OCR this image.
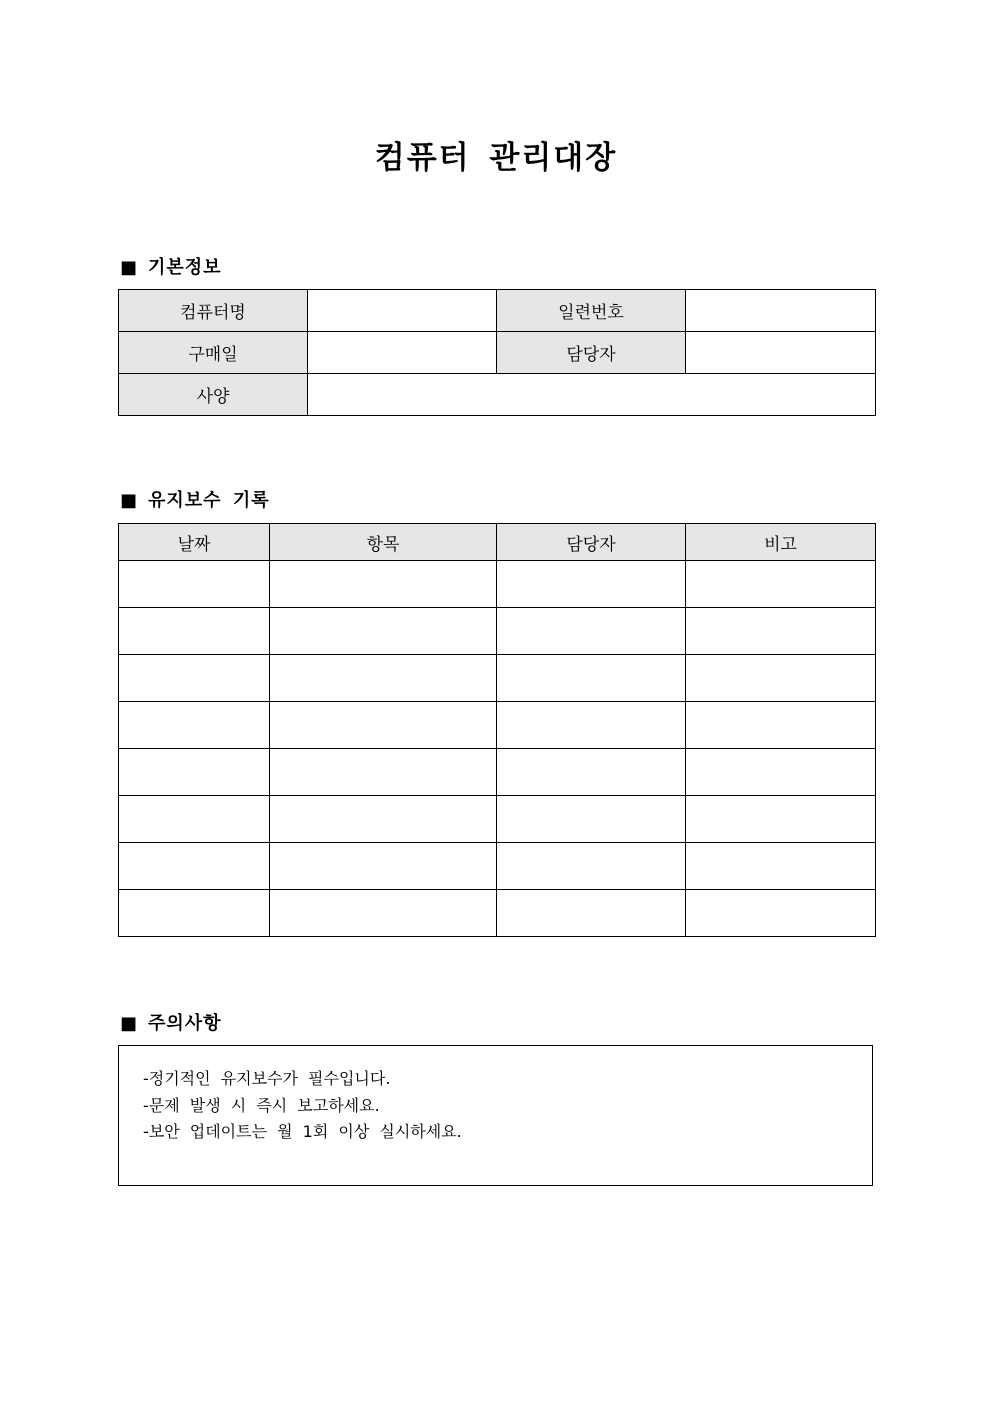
컴퓨터 관리대장
■ 기본정보
컴퓨터명		일련번호	
구매일		담당자	
사양			
■ 유지보수 기록
날짜	항목	담당자	비고

■ 주의사항
-정기적인 유지보수가 필수입니다.
-문제 발생 시 즉시 보고하세요.
-보안 업데이트는 월 1회 이상 실시하세요.
